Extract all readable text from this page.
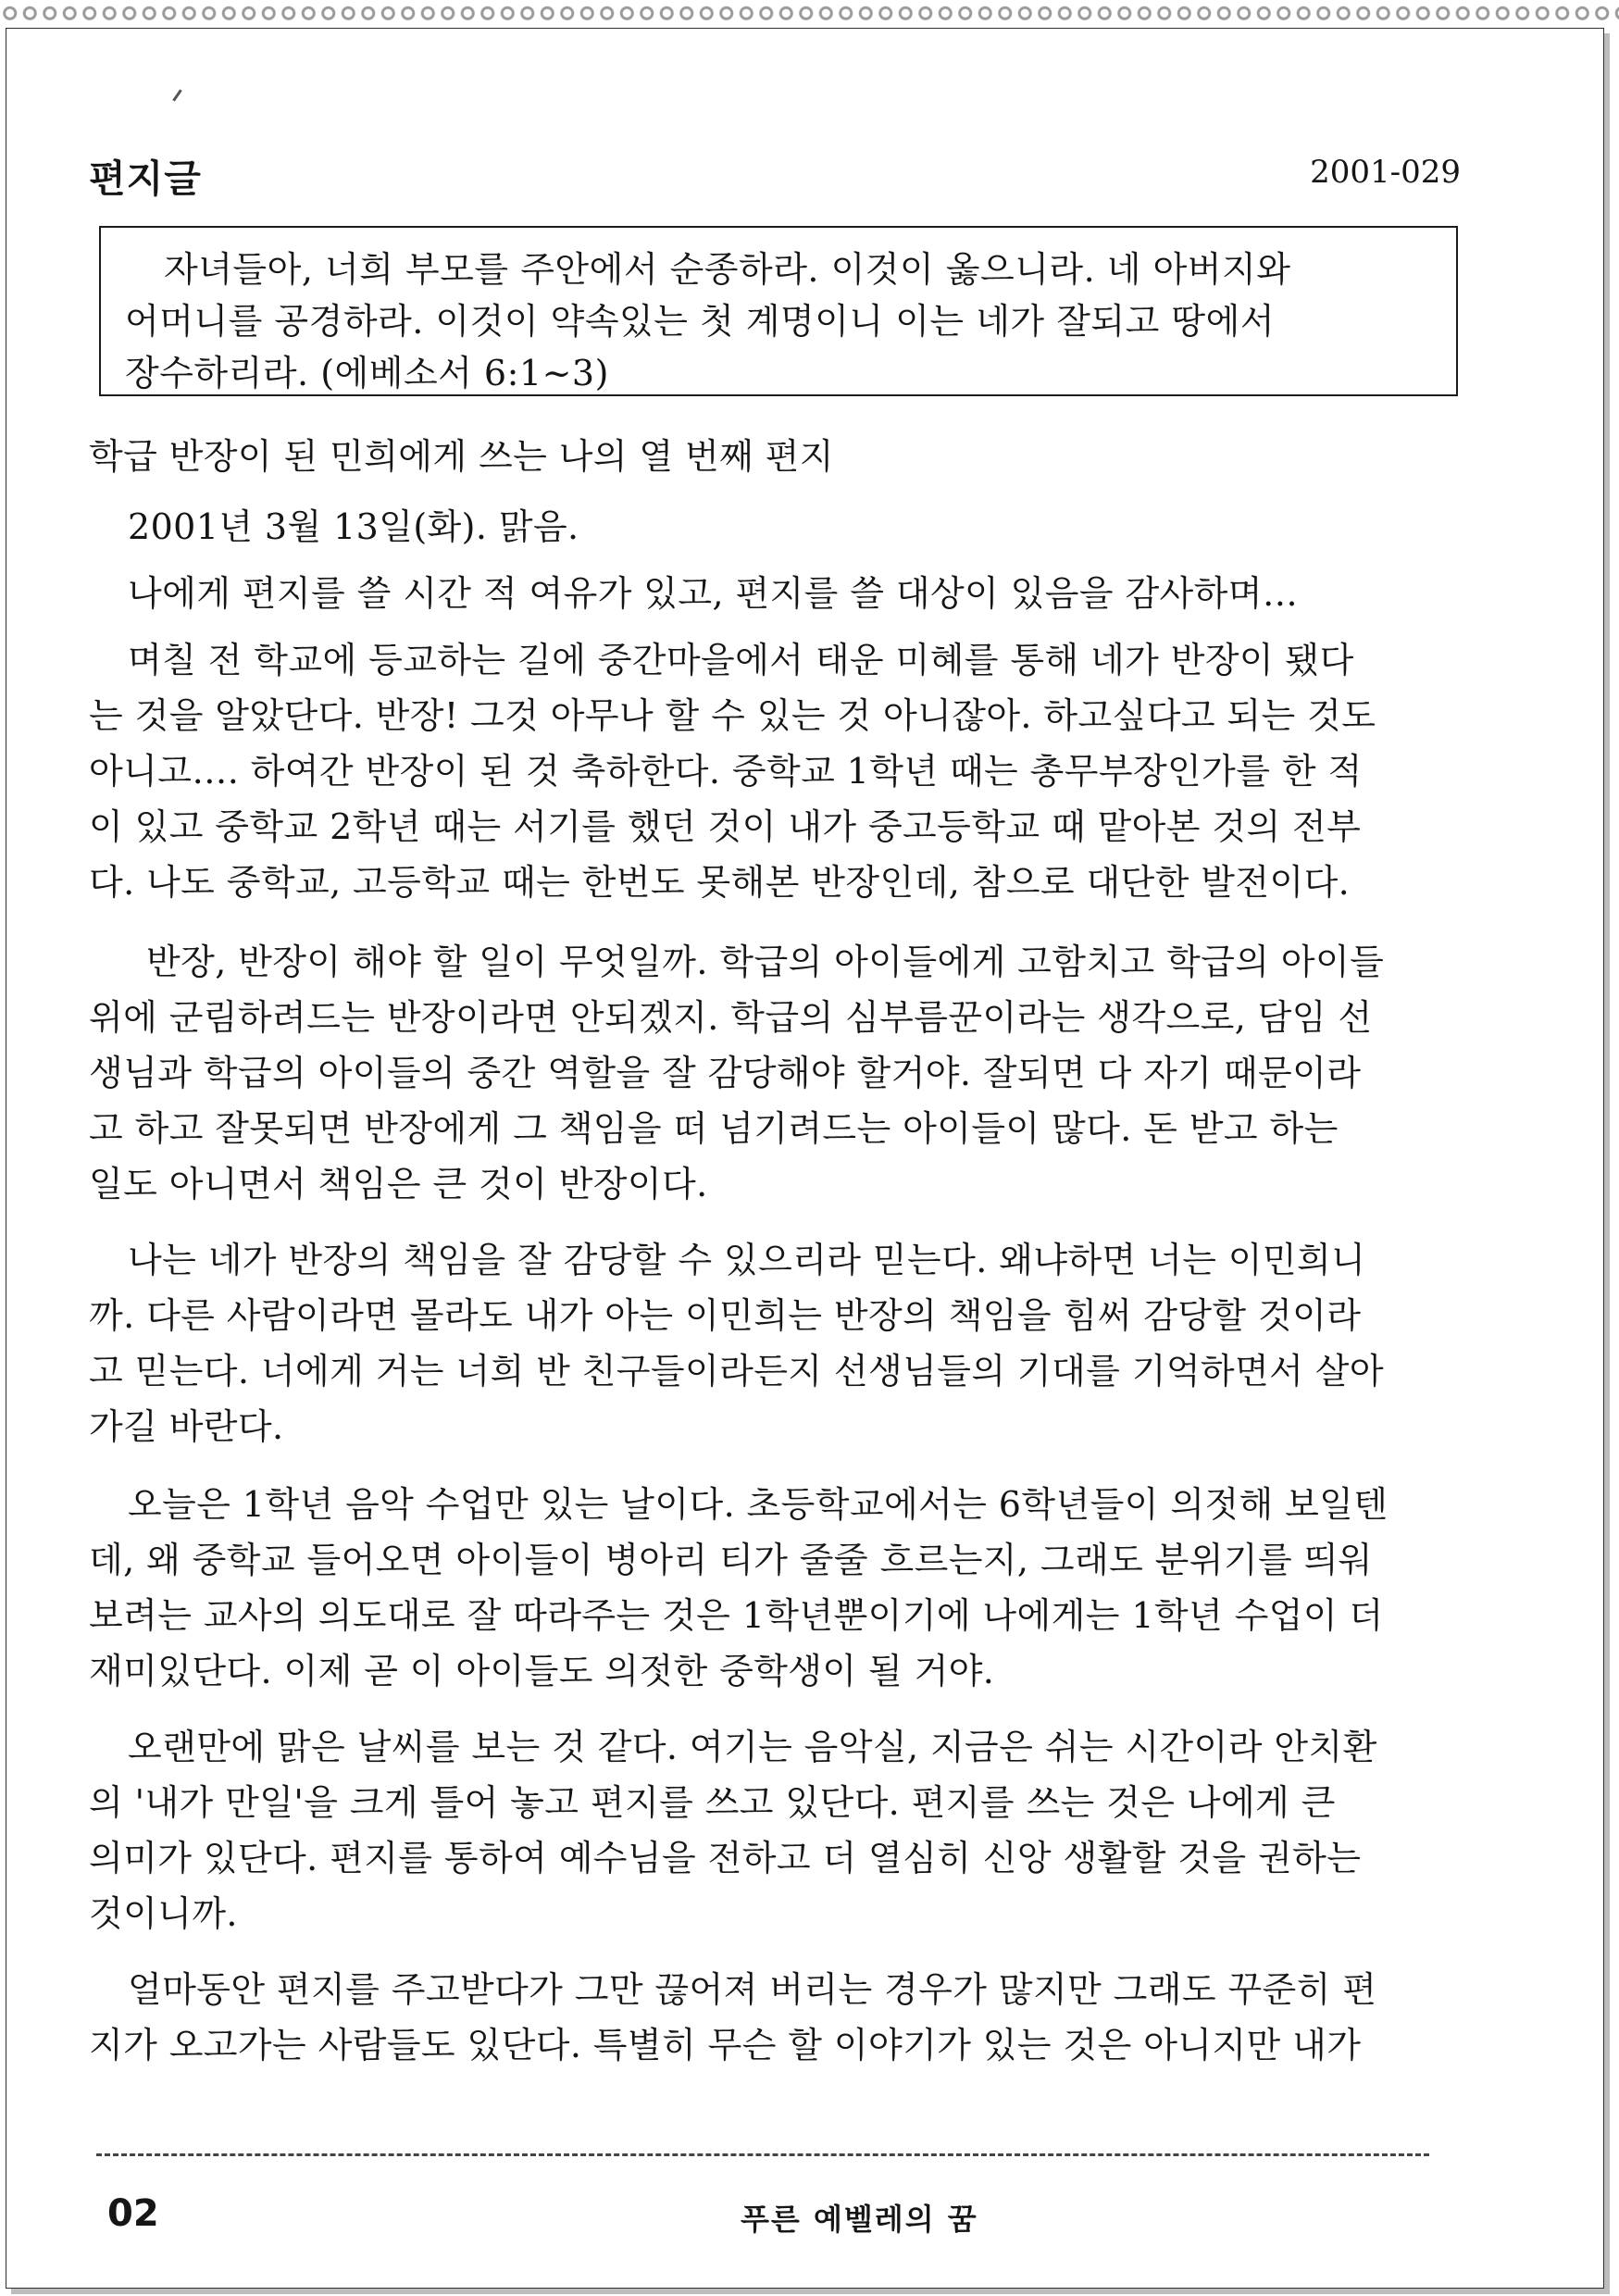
편지글	2001-029
자녀들아, 너희 부모를 주안에서 순종하라. 이것이 옳으니라. 네 아버지와
어머니를 공경하라. 이것이 약속있는 첫 계명이니 이는 네가 잘되고 땅에서
장수하리라. (에베소서 6:1~3)
학급 반장이 된 민희에게 쓰는 나의 열 번째 편지
2001년 3월 13일(화). 맑음.
나에게 편지를 쓸 시간 적 여유가 있고, 편지를 쓸 대상이 있음을 감사하며…
며칠 전 학교에 등교하는 길에 중간마을에서 태운 미혜를 통해 네가 반장이 됐다
는 것을 알았단다. 반장! 그것 아무나 할 수 있는 것 아니잖아. 하고싶다고 되는 것도
아니고…. 하여간 반장이 된 것 축하한다. 중학교 1학년 때는 총무부장인가를 한 적
이 있고 중학교 2학년 때는 서기를 했던 것이 내가 중고등학교 때 맡아본 것의 전부
다. 나도 중학교, 고등학교 때는 한번도 못해본 반장인데, 참으로 대단한 발전이다.
반장, 반장이 해야 할 일이 무엇일까. 학급의 아이들에게 고함치고 학급의 아이들
위에 군림하려드는 반장이라면 안되겠지. 학급의 심부름꾼이라는 생각으로, 담임 선
생님과 학급의 아이들의 중간 역할을 잘 감당해야 할거야. 잘되면 다 자기 때문이라
고 하고 잘못되면 반장에게 그 책임을 떠 넘기려드는 아이들이 많다. 돈 받고 하는
일도 아니면서 책임은 큰 것이 반장이다.
나는 네가 반장의 책임을 잘 감당할 수 있으리라 믿는다. 왜냐하면 너는 이민희니
까. 다른 사람이라면 몰라도 내가 아는 이민희는 반장의 책임을 힘써 감당할 것이라
고 믿는다. 너에게 거는 너희 반 친구들이라든지 선생님들의 기대를 기억하면서 살아
가길 바란다.
오늘은 1학년 음악 수업만 있는 날이다. 초등학교에서는 6학년들이 의젓해 보일텐
데, 왜 중학교 들어오면 아이들이 병아리 티가 줄줄 흐르는지, 그래도 분위기를 띄워
보려는 교사의 의도대로 잘 따라주는 것은 1학년뿐이기에 나에게는 1학년 수업이 더
재미있단다. 이제 곧 이 아이들도 의젓한 중학생이 될 거야.
오랜만에 맑은 날씨를 보는 것 같다. 여기는 음악실, 지금은 쉬는 시간이라 안치환
의 '내가 만일'을 크게 틀어 놓고 편지를 쓰고 있단다. 편지를 쓰는 것은 나에게 큰
의미가 있단다. 편지를 통하여 예수님을 전하고 더 열심히 신앙 생활할 것을 권하는
것이니까.
얼마동안 편지를 주고받다가 그만 끊어져 버리는 경우가 많지만 그래도 꾸준히 편
지가 오고가는 사람들도 있단다. 특별히 무슨 할 이야기가 있는 것은 아니지만 내가
02	푸른 예벨레의 꿈
